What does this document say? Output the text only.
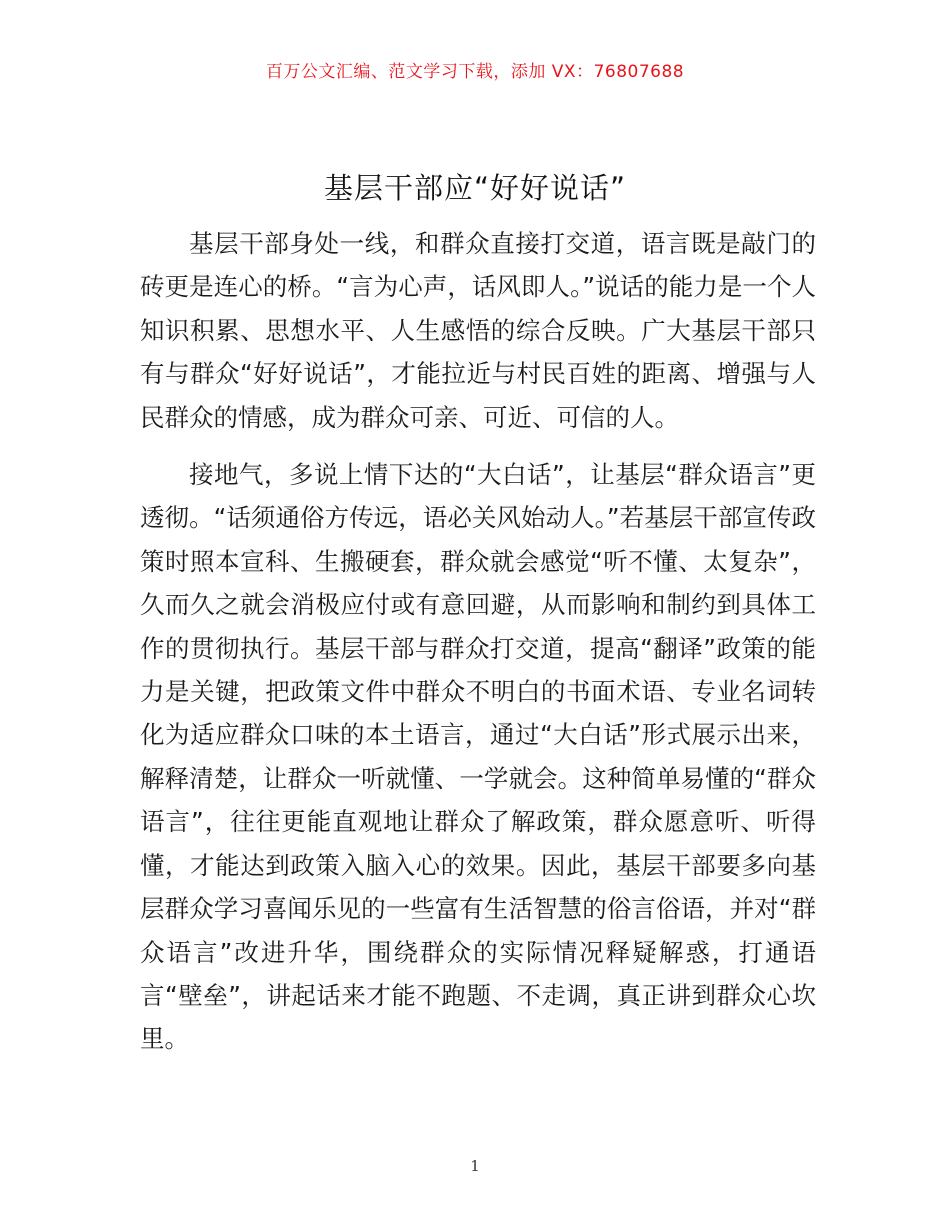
百万公文汇编、范文学习下载，添加 VX：76807688
基层干部应“好好说话”

基层干部身处一线，和群众直接打交道，语言既是敲门的砖更是连心的桥。“言为心声，话风即人。”说话的能力是一个人知识积累、思想水平、人生感悟的综合反映。广大基层干部只有与群众“好好说话”，才能拉近与村民百姓的距离、增强与人民群众的情感，成为群众可亲、可近、可信的人。

接地气，多说上情下达的“大白话”，让基层“群众语言”更透彻。“话须通俗方传远，语必关风始动人。”若基层干部宣传政策时照本宣科、生搬硬套，群众就会感觉“听不懂、太复杂”，久而久之就会消极应付或有意回避，从而影响和制约到具体工作的贯彻执行。基层干部与群众打交道，提高“翻译”政策的能力是关键，把政策文件中群众不明白的书面术语、专业名词转化为适应群众口味的本土语言，通过“大白话”形式展示出来，解释清楚，让群众一听就懂、一学就会。这种简单易懂的“群众语言”，往往更能直观地让群众了解政策，群众愿意听、听得懂，才能达到政策入脑入心的效果。因此，基层干部要多向基层群众学习喜闻乐见的一些富有生活智慧的俗言俗语，并对“群众语言”改进升华，围绕群众的实际情况释疑解惑，打通语言“壁垒”，讲起话来才能不跑题、不走调，真正讲到群众心坎里。

1
